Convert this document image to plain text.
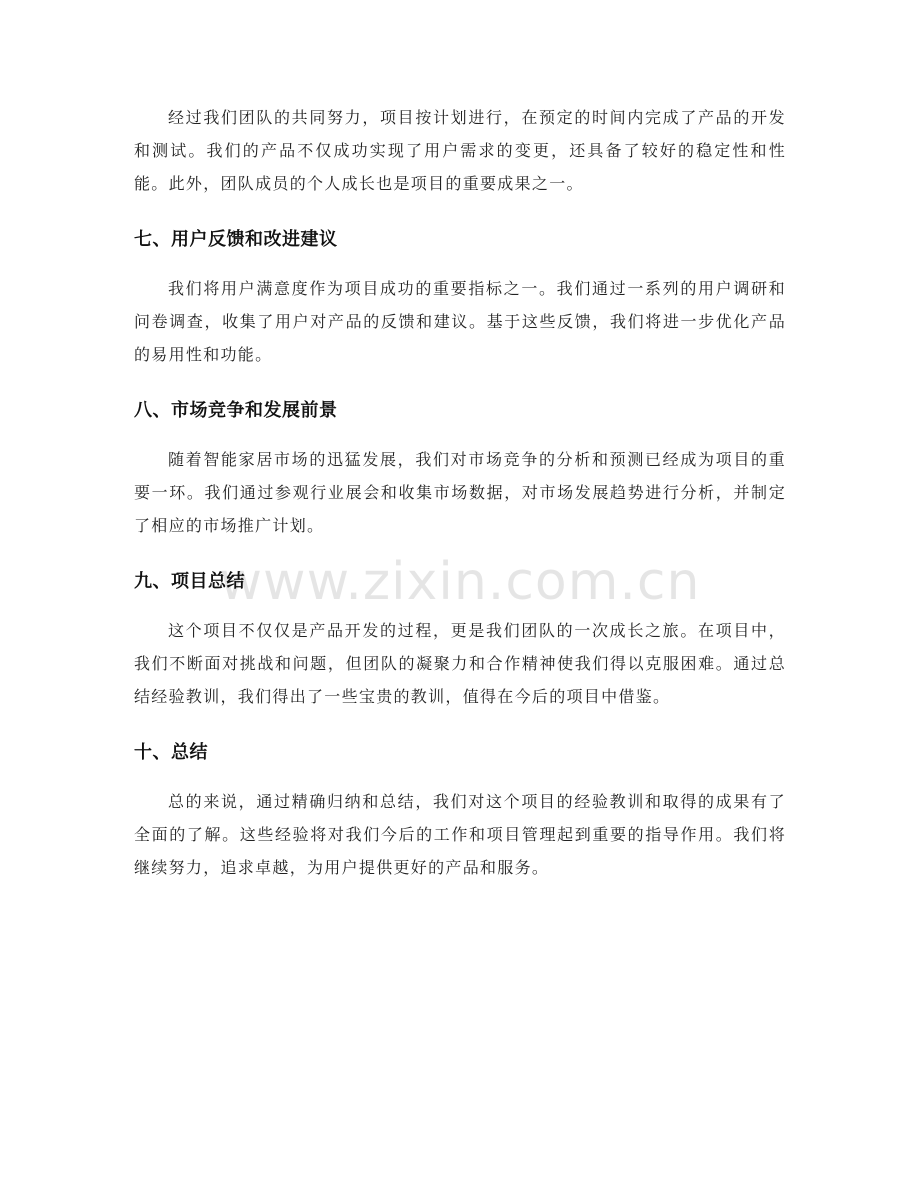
经过我们团队的共同努力，项目按计划进行，在预定的时间内完成了产品的开发和测试。我们的产品不仅成功实现了用户需求的变更，还具备了较好的稳定性和性能。此外，团队成员的个人成长也是项目的重要成果之一。

七、用户反馈和改进建议

我们将用户满意度作为项目成功的重要指标之一。我们通过一系列的用户调研和问卷调查，收集了用户对产品的反馈和建议。基于这些反馈，我们将进一步优化产品的易用性和功能。

八、市场竞争和发展前景

随着智能家居市场的迅猛发展，我们对市场竞争的分析和预测已经成为项目的重要一环。我们通过参观行业展会和收集市场数据，对市场发展趋势进行分析，并制定了相应的市场推广计划。

九、项目总结

这个项目不仅仅是产品开发的过程，更是我们团队的一次成长之旅。在项目中，我们不断面对挑战和问题，但团队的凝聚力和合作精神使我们得以克服困难。通过总结经验教训，我们得出了一些宝贵的教训，值得在今后的项目中借鉴。

十、总结

总的来说，通过精确归纳和总结，我们对这个项目的经验教训和取得的成果有了全面的了解。这些经验将对我们今后的工作和项目管理起到重要的指导作用。我们将继续努力，追求卓越，为用户提供更好的产品和服务。

www.zixin.com.cn
